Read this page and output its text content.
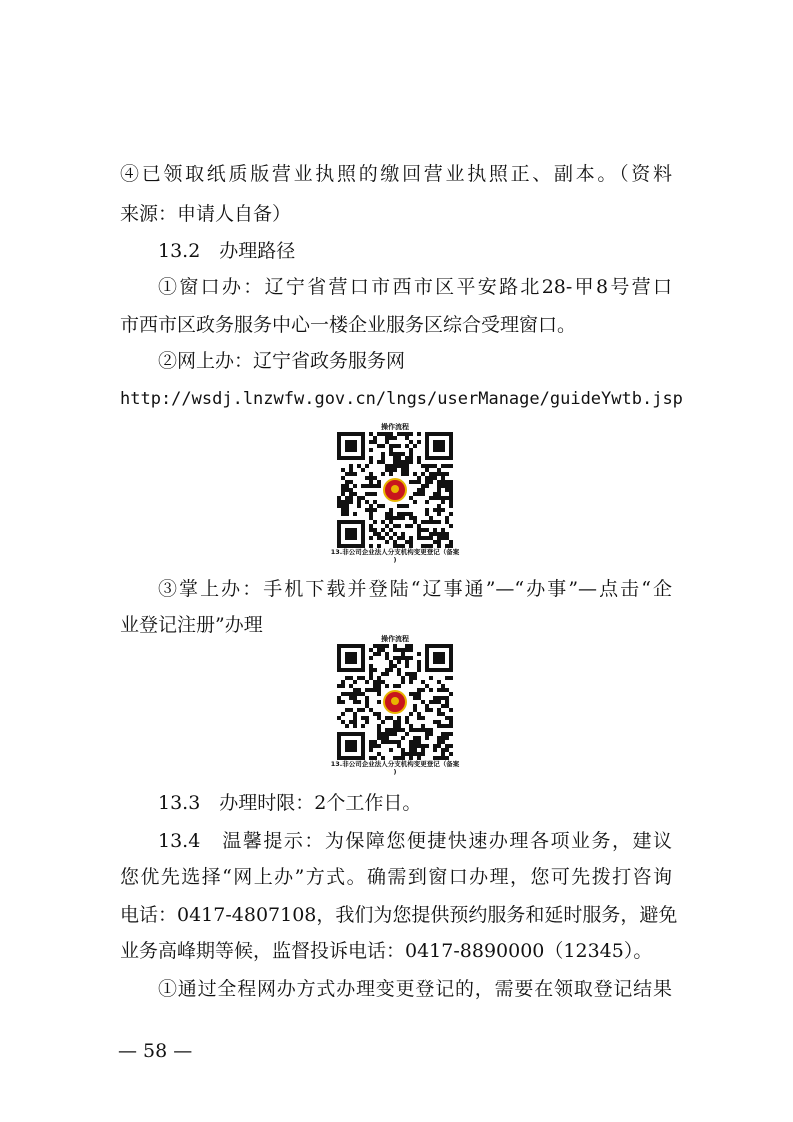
④已领取纸质版营业执照的缴回营业执照正、副本。（资料
来源：申请人自备）
13.2　办理路径
①窗口办：辽宁省营口市西市区平安路北28-甲8号营口
市西市区政务服务中心一楼企业服务区综合受理窗口。
②网上办：辽宁省政务服务网
http://wsdj.lnzwfw.gov.cn/lngs/userManage/guideYwtb.jsp
操作流程
13.非公司企业法人分支机构变更登记（备案
)
③掌上办：手机下载并登陆“辽事通”—“办事”—点击“企
业登记注册”办理
操作流程
13.非公司企业法人分支机构变更登记（备案
)
13.3　办理时限：2个工作日。
13.4　温馨提示：为保障您便捷快速办理各项业务，建议
您优先选择“网上办”方式。确需到窗口办理，您可先拨打咨询
电话：0417-4807108，我们为您提供预约服务和延时服务，避免
业务高峰期等候，监督投诉电话：0417-8890000（12345）。
①通过全程网办方式办理变更登记的，需要在领取登记结果
— 58 —
